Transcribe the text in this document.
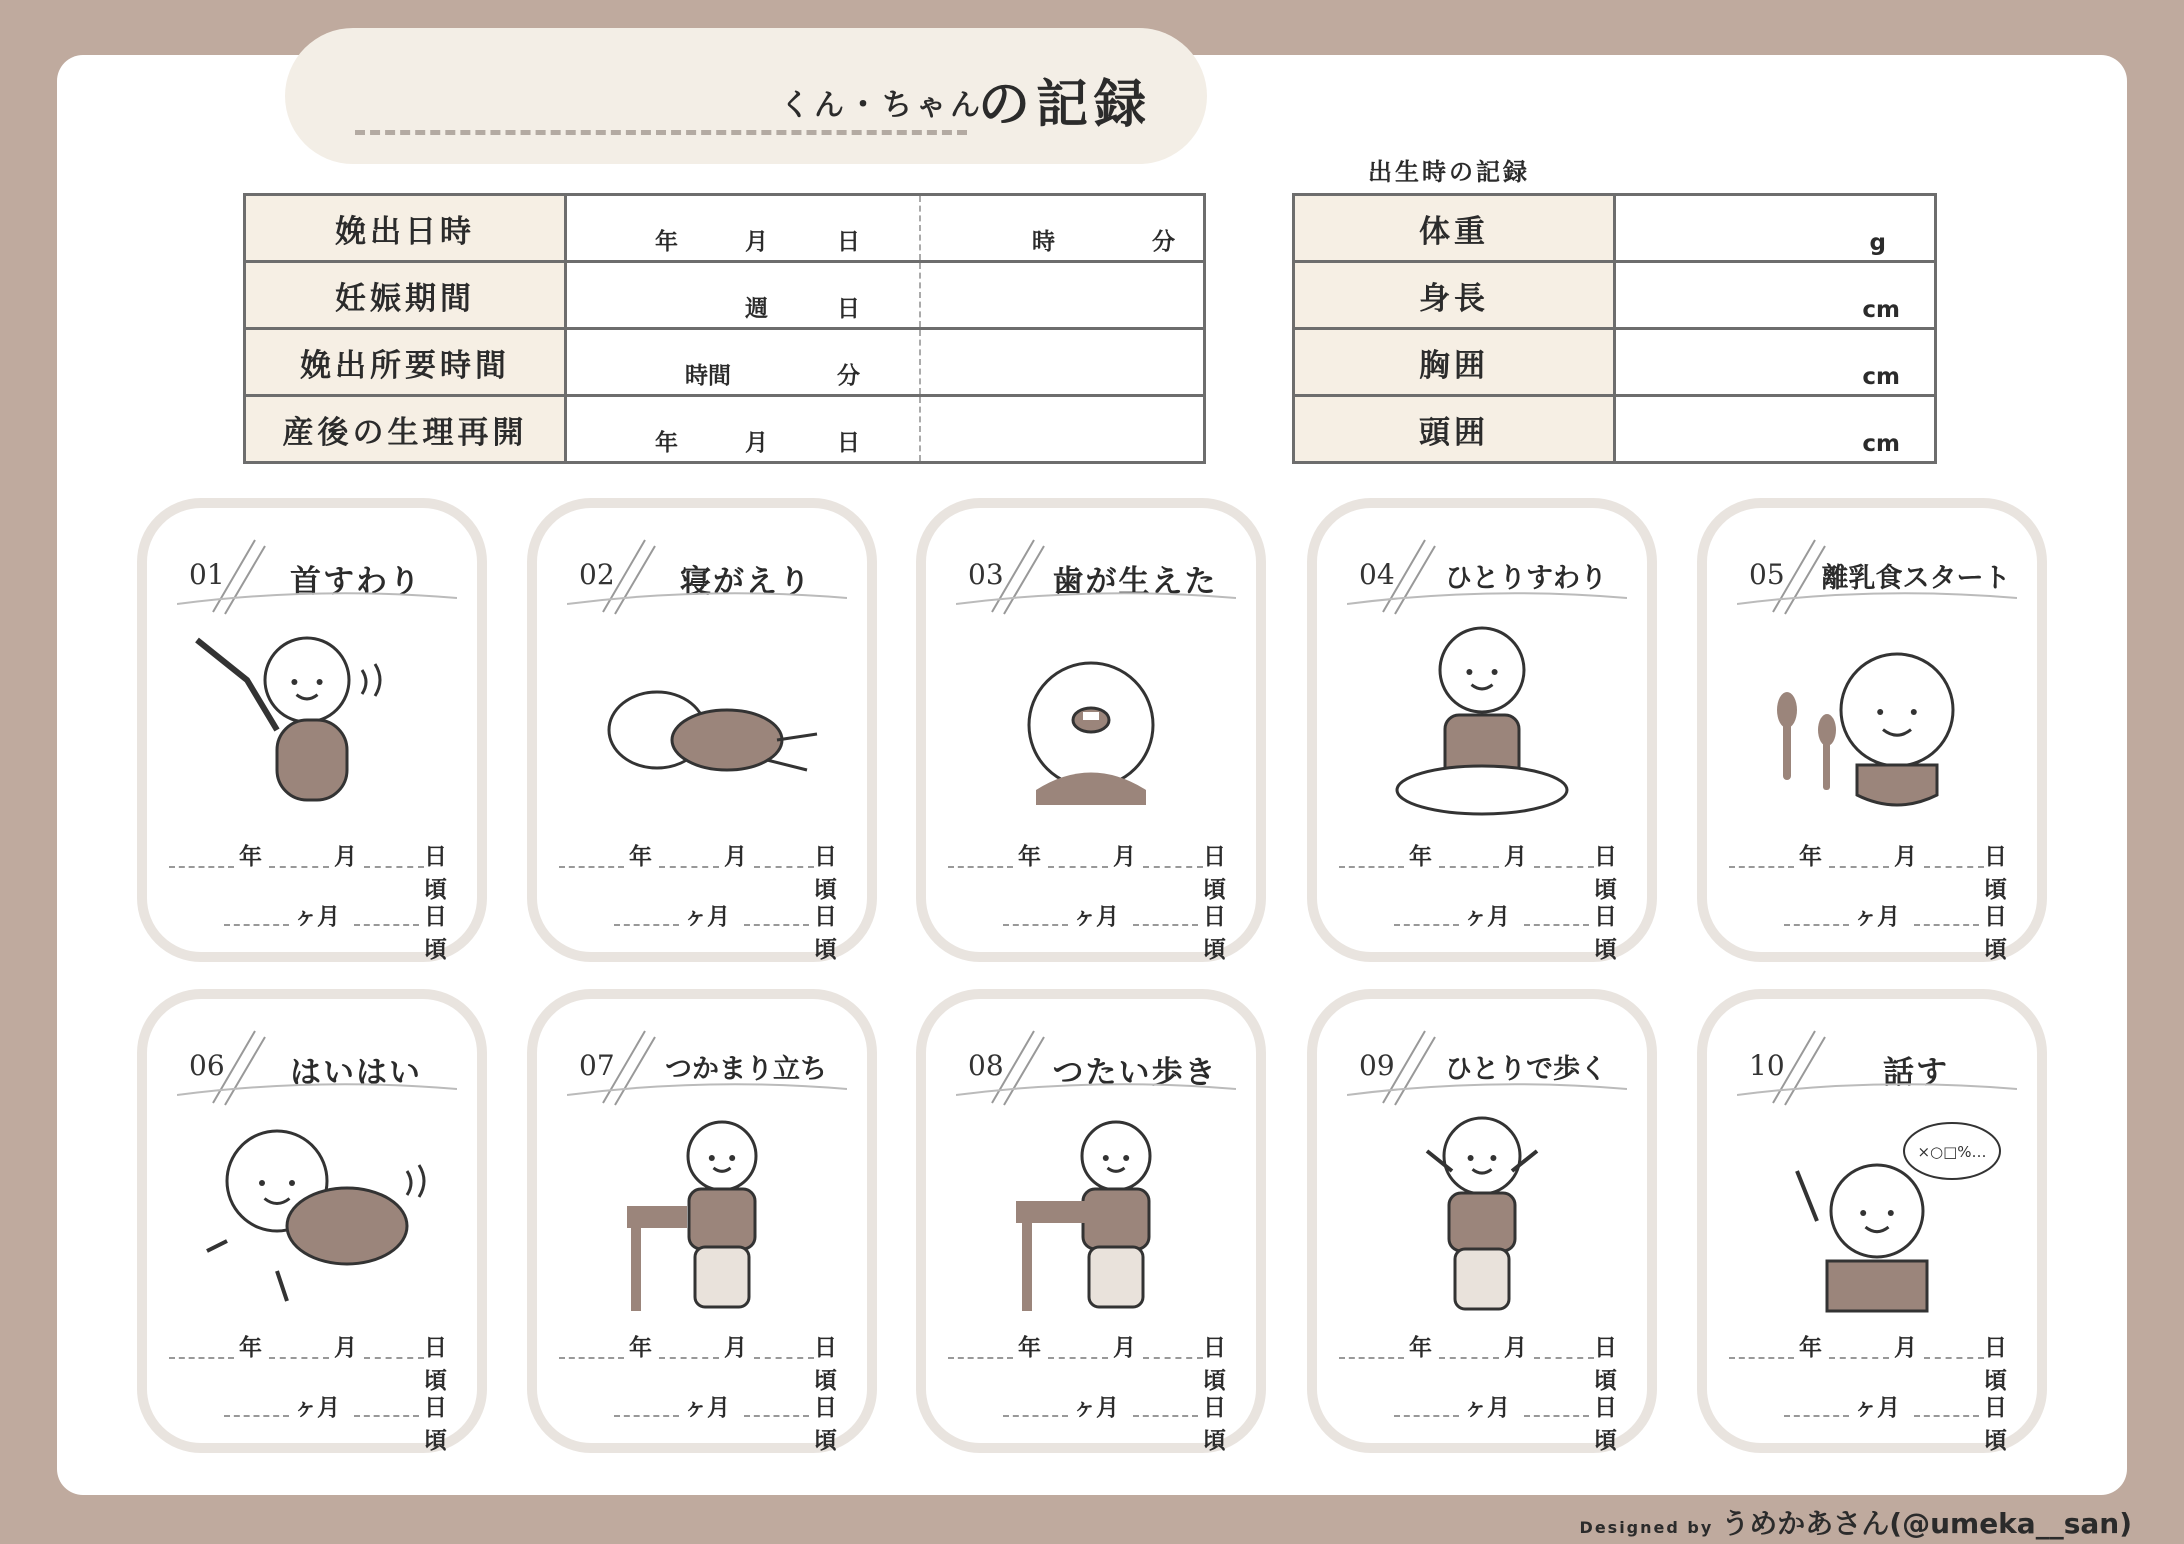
くん・ちゃん
の記録
娩出日時	年 月 日 時 分

妊娠期間	週 日

娩出所要時間	時間 分

産後の生理再開	年 月 日
出生時の記録
体重	g

身長	cm

胸囲	cm

頭囲	cm
01	首すわり
年	月	日頃
ヶ月	日頃
02	寝がえり
年	月	日頃
ヶ月	日頃
03	歯が生えた
年	月	日頃
ヶ月	日頃
04	ひとりすわり
年	月	日頃
ヶ月	日頃
05 離乳食スタート
年	月	日頃
ヶ月	日頃
06	はいはい
年	月	日頃
ヶ月	日頃
07	つかまり立ち
年	月	日頃
ヶ月	日頃
08	つたい歩き
年	月	日頃
ヶ月	日頃
09	ひとりで歩く
年	月	日頃
ヶ月	日頃
10	話す
×○□%…
年	月	日頃
ヶ月	日頃
Designed by うめかあさん(@umeka__san)
